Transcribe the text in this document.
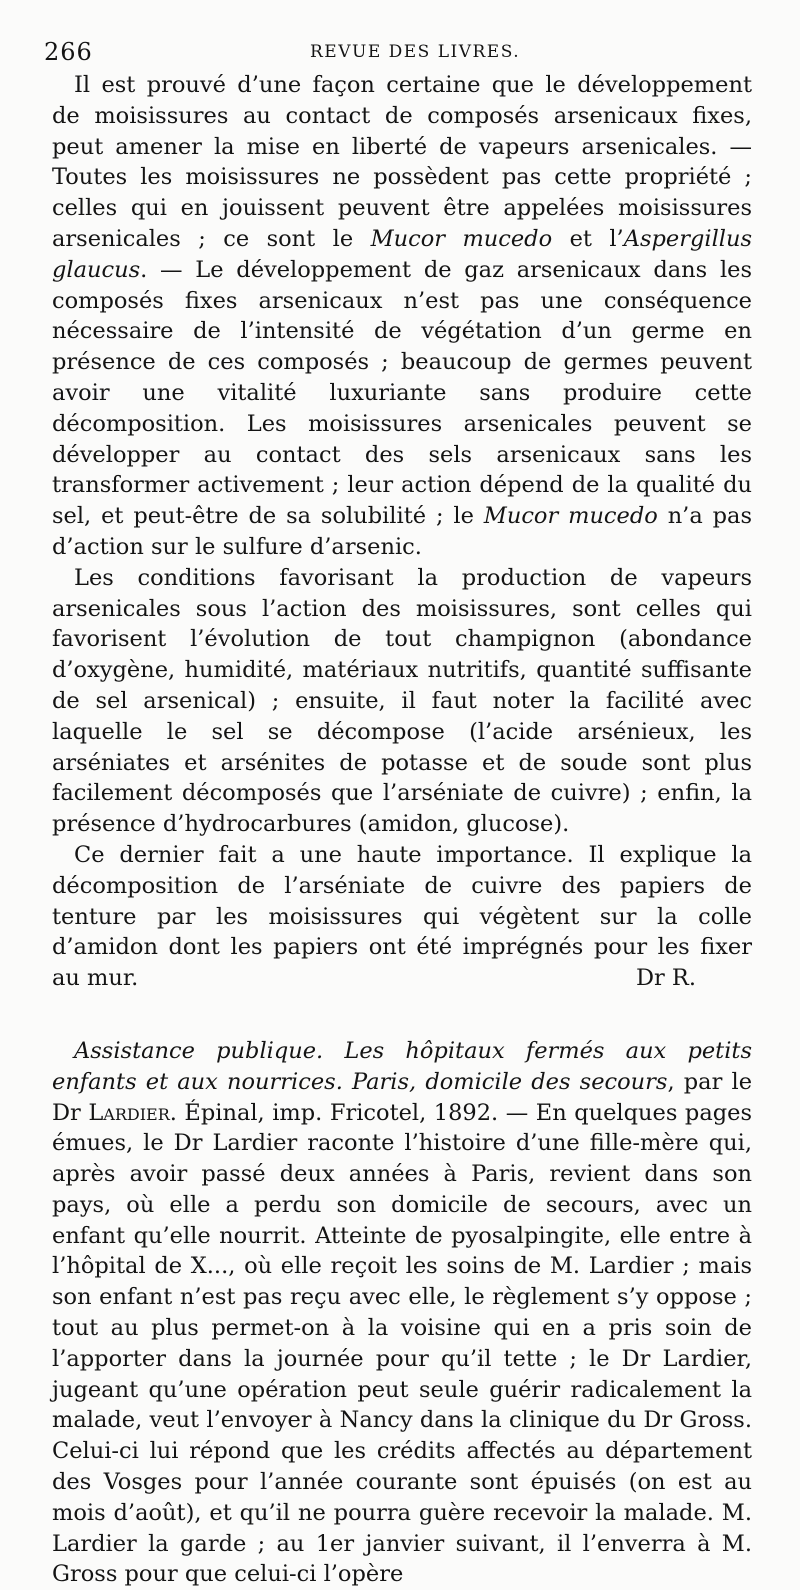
266	REVUE DES LIVRES.

Il est prouvé d’une façon certaine que le développement de moisissures au contact de composés arsenicaux fixes, peut amener la mise en liberté de vapeurs arsenicales. — Toutes les moisissures ne possèdent pas cette propriété ; celles qui en jouissent peuvent être appelées moisissures arsenicales ; ce sont le Mucor mucedo et l’Aspergillus glaucus. — Le développement de gaz arsenicaux dans les composés fixes arsenicaux n’est pas une conséquence nécessaire de l’intensité de végétation d’un germe en présence de ces composés ; beaucoup de germes peuvent avoir une vitalité luxuriante sans produire cette décomposition. Les moisissures arsenicales peuvent se développer au contact des sels arsenicaux sans les transformer activement ; leur action dépend de la qualité du sel, et peut-être de sa solubilité ; le Mucor mucedo n’a pas d’action sur le sulfure d’arsenic.

Les conditions favorisant la production de vapeurs arsenicales sous l’action des moisissures, sont celles qui favorisent l’évolution de tout champignon (abondance d’oxygène, humidité, matériaux nutritifs, quantité suffisante de sel arsenical) ; ensuite, il faut noter la facilité avec laquelle le sel se décompose (l’acide arsénieux, les arséniates et arsénites de potasse et de soude sont plus facilement décomposés que l’arséniate de cuivre) ; enfin, la présence d’hydrocarbures (amidon, glucose).

Ce dernier fait a une haute importance. Il explique la décomposition de l’arséniate de cuivre des papiers de tenture par les moisissures qui végètent sur la colle d’amidon dont les papiers ont été imprégnés pour les fixer au mur.	Dr R.

Assistance publique. Les hôpitaux fermés aux petits enfants et aux nourrices. Paris, domicile des secours, par le Dr Lardier. Épinal, imp. Fricotel, 1892. — En quelques pages émues, le Dr Lardier raconte l’histoire d’une fille-mère qui, après avoir passé deux années à Paris, revient dans son pays, où elle a perdu son domicile de secours, avec un enfant qu’elle nourrit. Atteinte de pyosalpingite, elle entre à l’hôpital de X..., où elle reçoit les soins de M. Lardier ; mais son enfant n’est pas reçu avec elle, le règlement s’y oppose ; tout au plus permet-on à la voisine qui en a pris soin de l’apporter dans la journée pour qu’il tette ; le Dr Lardier, jugeant qu’une opération peut seule guérir radicalement la malade, veut l’envoyer à Nancy dans la clinique du Dr Gross. Celui-ci lui répond que les crédits affectés au département des Vosges pour l’année courante sont épuisés (on est au mois d’août), et qu’il ne pourra guère recevoir la malade. M. Lardier la garde ; au 1er janvier suivant, il l’enverra à M. Gross pour que celui-ci l’opère
